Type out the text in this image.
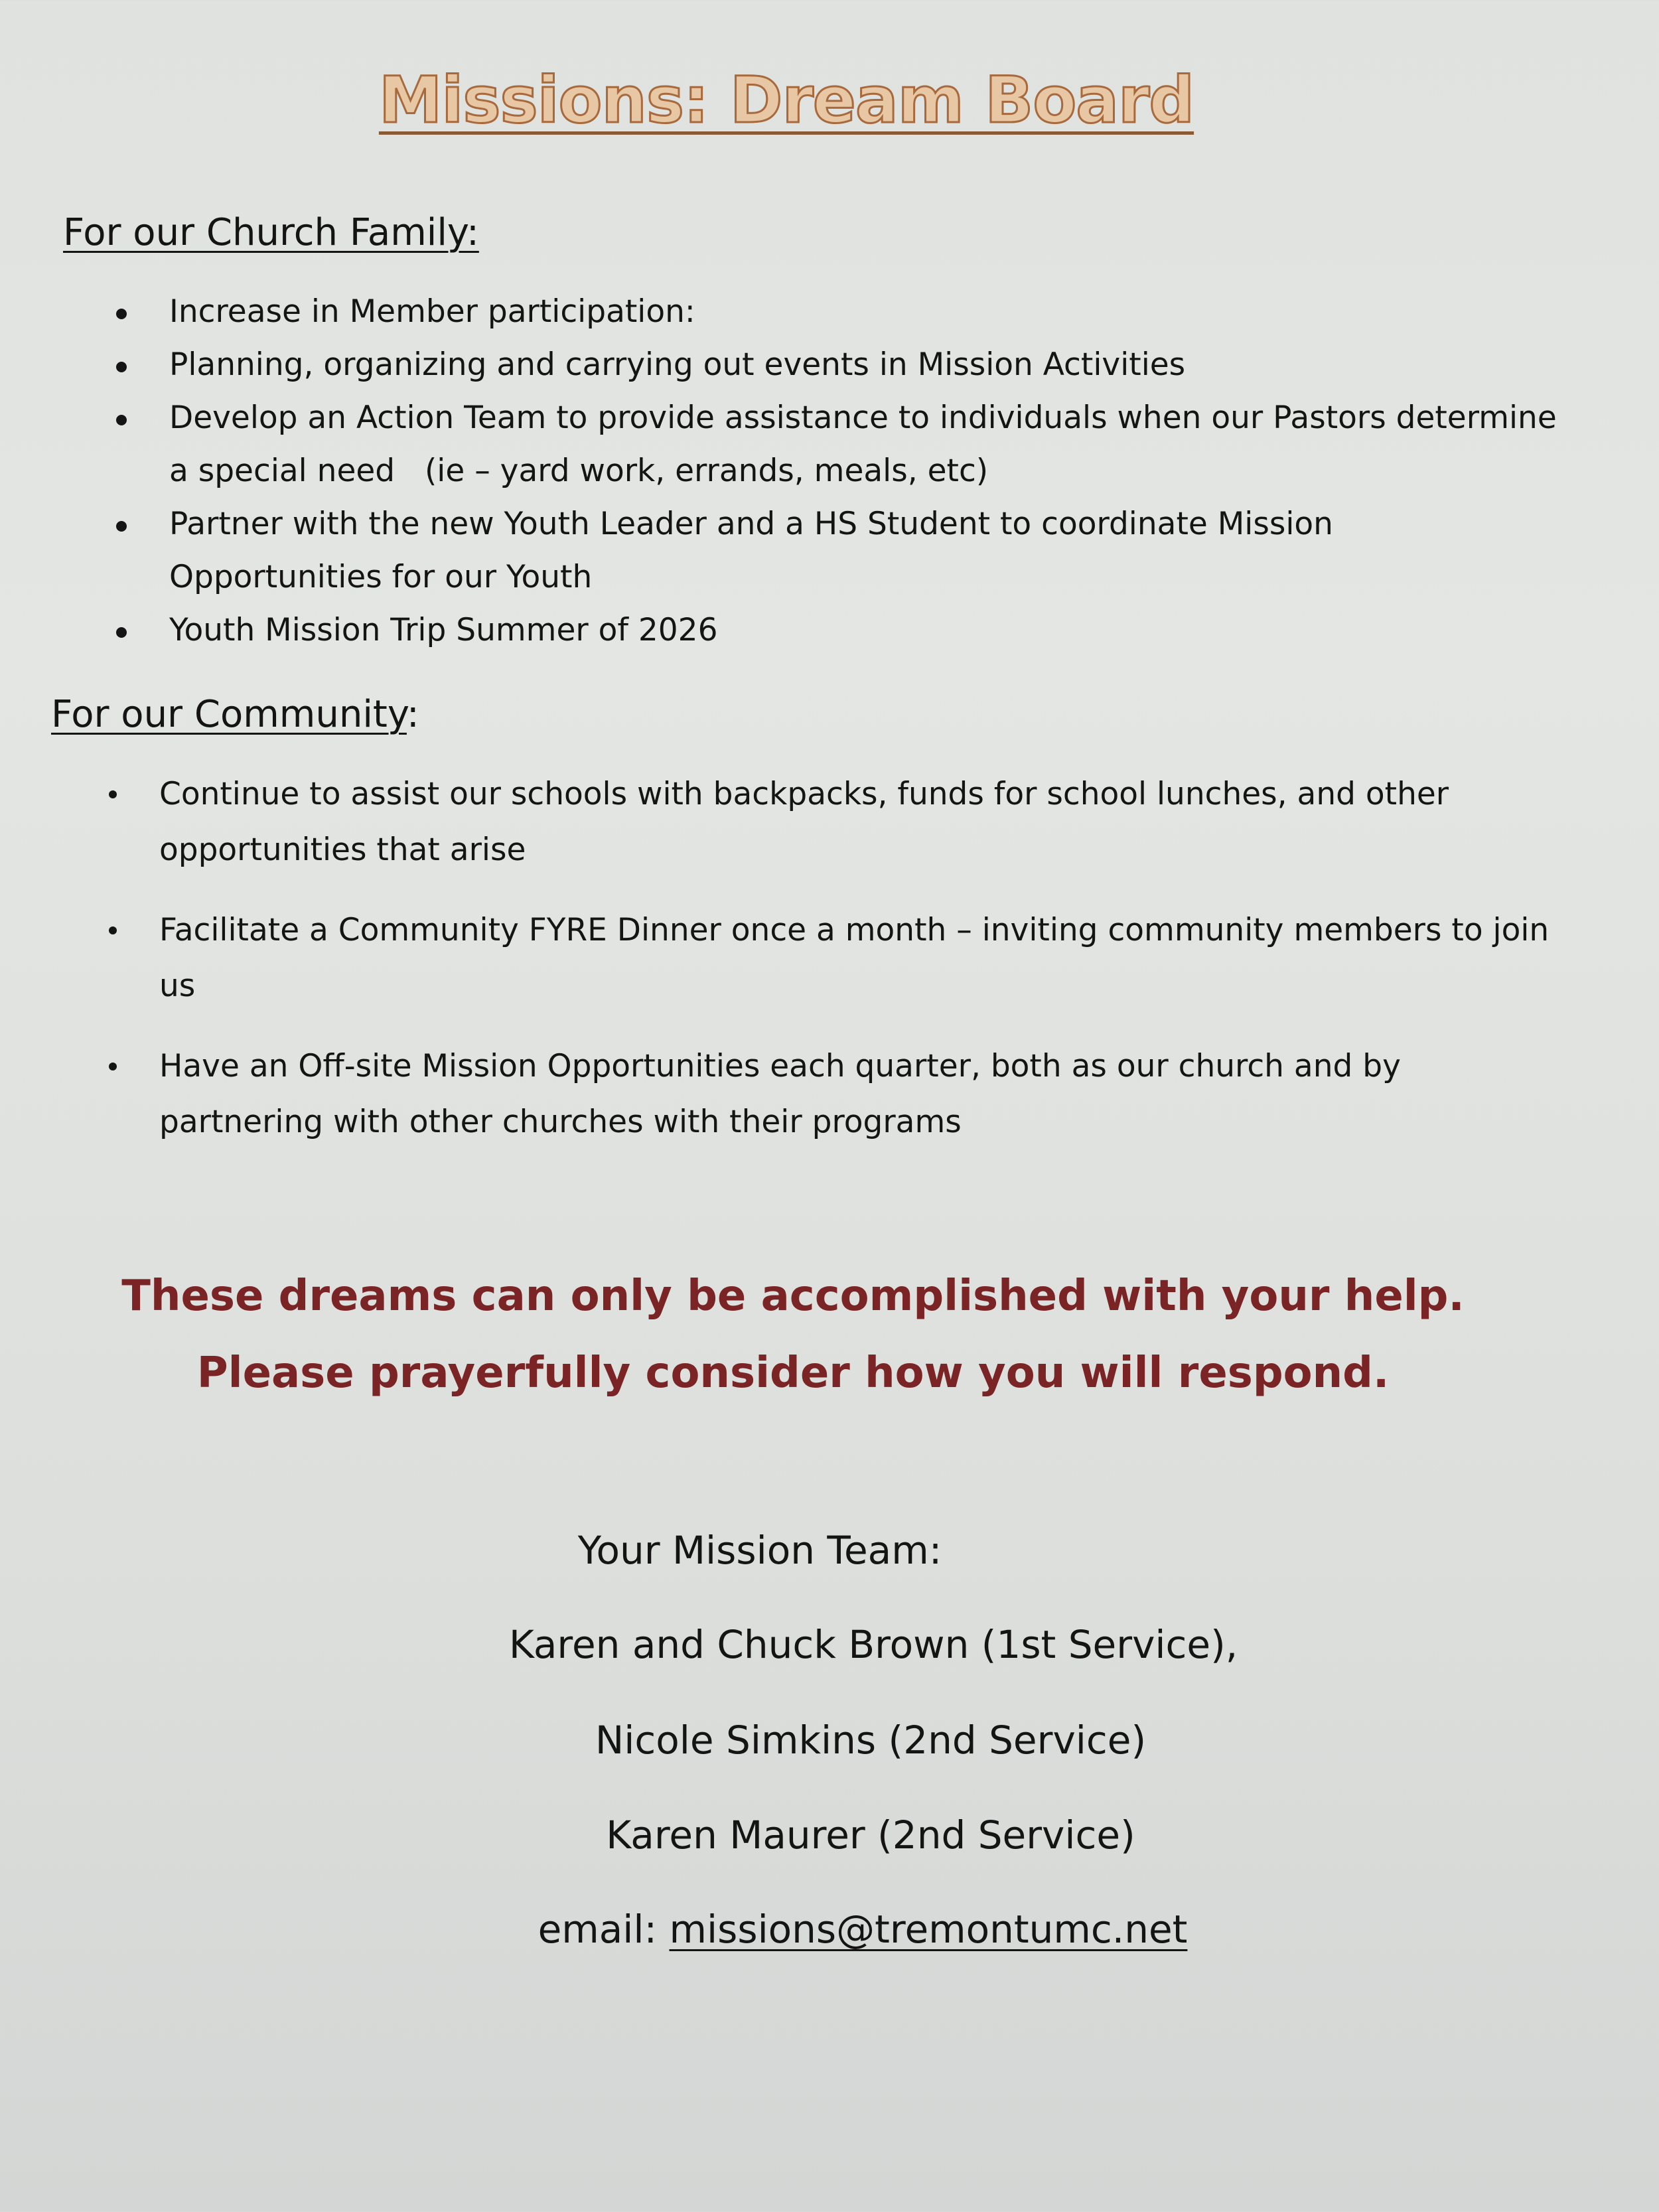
Missions: Dream Board
For our Church Family:
Increase in Member participation:
Planning, organizing and carrying out events in Mission Activities
Develop an Action Team to provide assistance to individuals when our Pastors determine a special need   (ie – yard work, errands, meals, etc)
Partner with the new Youth Leader and a HS Student to coordinate Mission Opportunities for our Youth
Youth Mission Trip Summer of 2026
For our Community:
Continue to assist our schools with backpacks, funds for school lunches, and other opportunities that arise
Facilitate a Community FYRE Dinner once a month – inviting community members to join us
Have an Off-site Mission Opportunities each quarter, both as our church and by partnering with other churches with their programs
These dreams can only be accomplished with your help. Please prayerfully consider how you will respond.
Your Mission Team:
Karen and Chuck Brown (1st Service),
Nicole Simkins (2nd Service)
Karen Maurer (2nd Service)
email: missions@tremontumc.net
